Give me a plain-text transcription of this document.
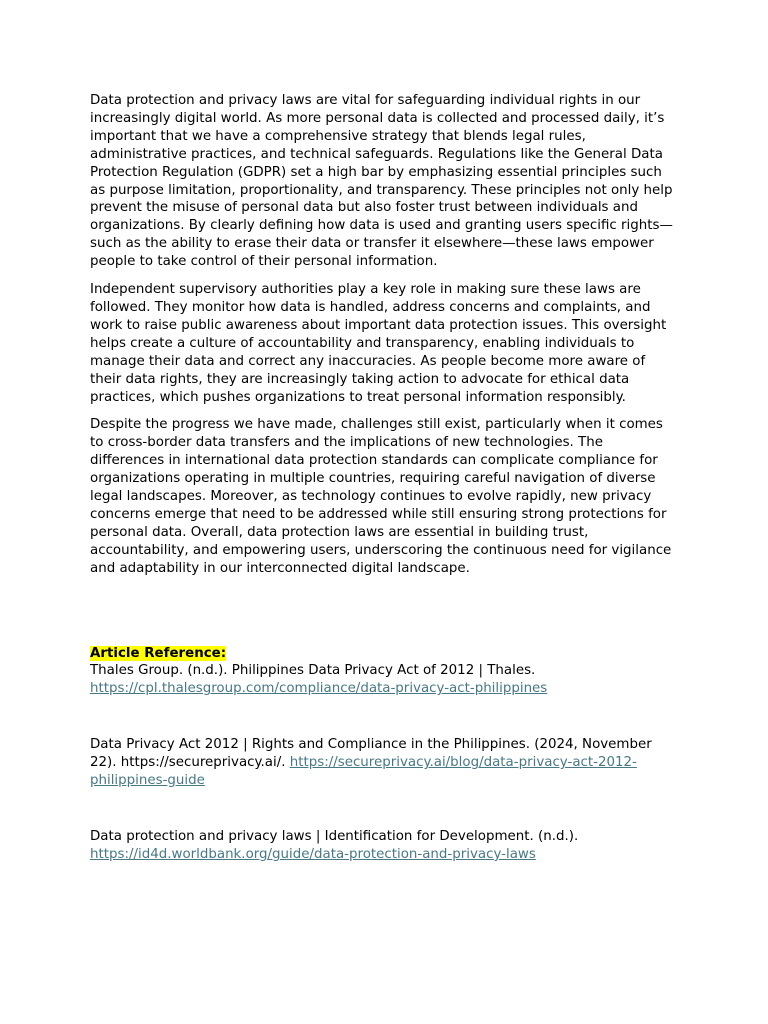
Data protection and privacy laws are vital for safeguarding individual rights in our increasingly digital world. As more personal data is collected and processed daily, it’s important that we have a comprehensive strategy that blends legal rules, administrative practices, and technical safeguards. Regulations like the General Data Protection Regulation (GDPR) set a high bar by emphasizing essential principles such as purpose limitation, proportionality, and transparency. These principles not only help prevent the misuse of personal data but also foster trust between individuals and organizations. By clearly defining how data is used and granting users specific rights—such as the ability to erase their data or transfer it elsewhere—these laws empower people to take control of their personal information.

Independent supervisory authorities play a key role in making sure these laws are followed. They monitor how data is handled, address concerns and complaints, and work to raise public awareness about important data protection issues. This oversight helps create a culture of accountability and transparency, enabling individuals to manage their data and correct any inaccuracies. As people become more aware of their data rights, they are increasingly taking action to advocate for ethical data practices, which pushes organizations to treat personal information responsibly.

Despite the progress we have made, challenges still exist, particularly when it comes to cross-border data transfers and the implications of new technologies. The differences in international data protection standards can complicate compliance for organizations operating in multiple countries, requiring careful navigation of diverse legal landscapes. Moreover, as technology continues to evolve rapidly, new privacy concerns emerge that need to be addressed while still ensuring strong protections for personal data. Overall, data protection laws are essential in building trust, accountability, and empowering users, underscoring the continuous need for vigilance and adaptability in our interconnected digital landscape.

Article Reference:

Thales Group. (n.d.). Philippines Data Privacy Act of 2012 | Thales.
https://cpl.thalesgroup.com/compliance/data-privacy-act-philippines

Data Privacy Act 2012 | Rights and Compliance in the Philippines. (2024, November 22). https://secureprivacy.ai/. https://secureprivacy.ai/blog/data-privacy-act-2012-philippines-guide

Data protection and privacy laws | Identification for Development. (n.d.).
https://id4d.worldbank.org/guide/data-protection-and-privacy-laws
